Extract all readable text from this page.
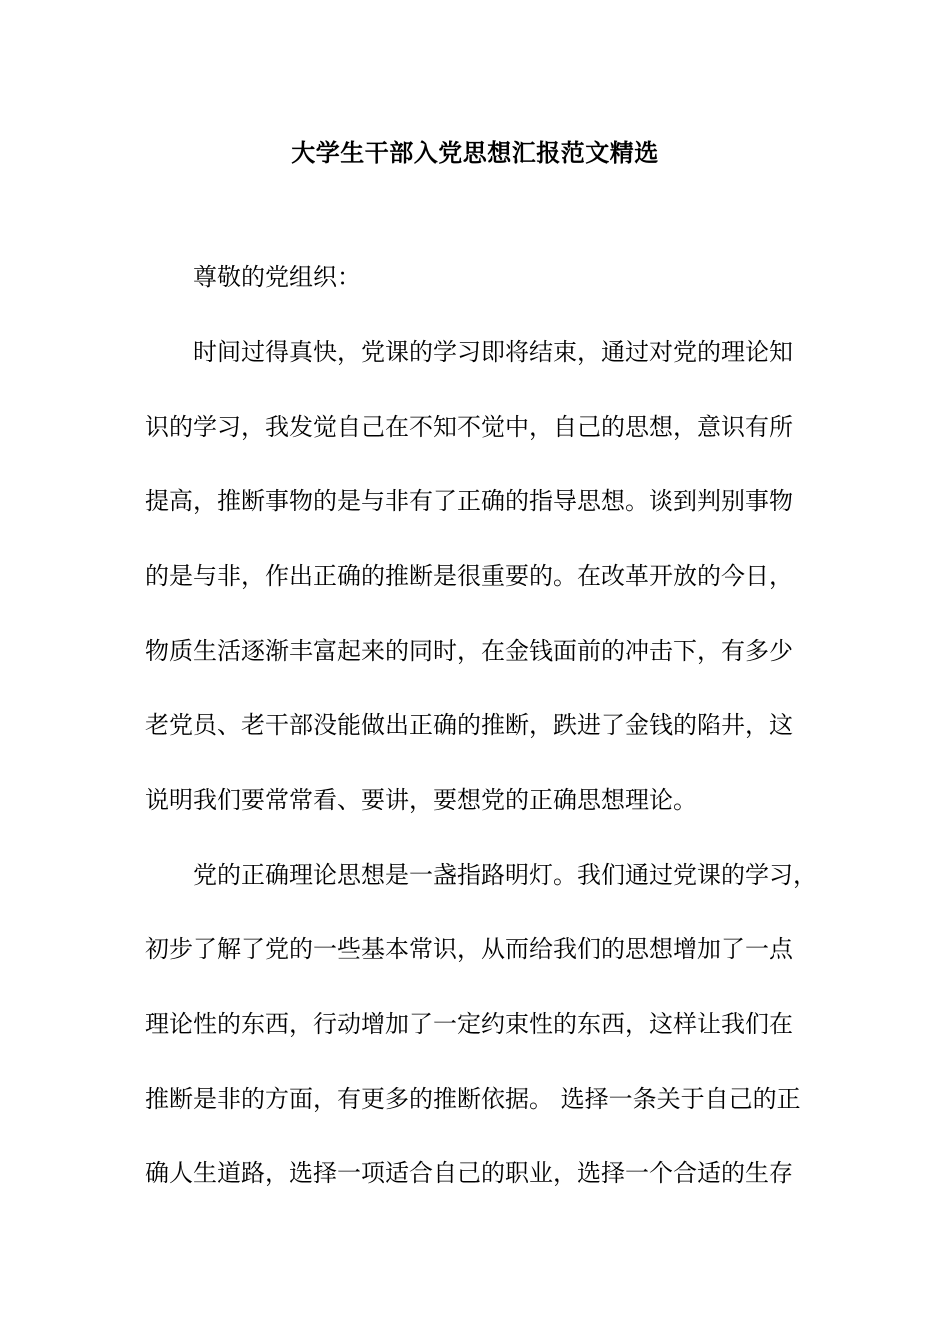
大学生干部入党思想汇报范文精选
尊敬的党组织：
时间过得真快，党课的学习即将结束，通过对党的理论知
识的学习，我发觉自己在不知不觉中，自己的思想，意识有所
提高，推断事物的是与非有了正确的指导思想。谈到判别事物
的是与非，作出正确的推断是很重要的。在改革开放的今日，
物质生活逐渐丰富起来的同时，在金钱面前的冲击下，有多少
老党员、老干部没能做出正确的推断，跌进了金钱的陷井，这
说明我们要常常看、要讲，要想党的正确思想理论。
党的正确理论思想是一盏指路明灯。我们通过党课的学习，
初步了解了党的一些基本常识，从而给我们的思想增加了一点
理论性的东西，行动增加了一定约束性的东西，这样让我们在
推断是非的方面，有更多的推断依据。 选择一条关于自己的正
确人生道路，选择一项适合自己的职业，选择一个合适的生存
